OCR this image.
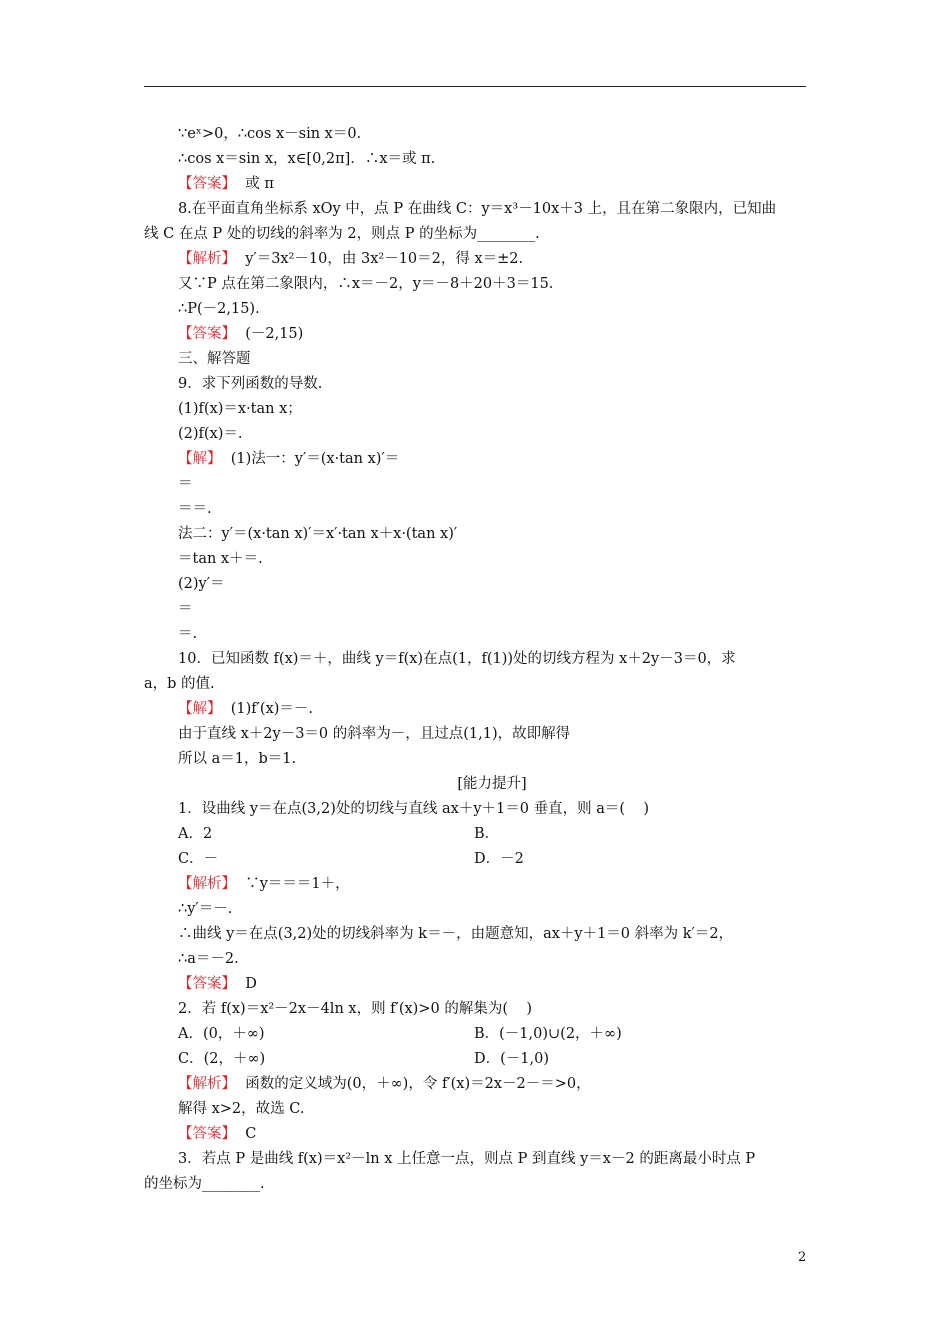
∵eˣ>0，∴cos x－sin x＝0.
∴cos x＝sin x，x∈[0,2π]．∴x＝或 π.
【答案】  或 π
8.在平面直角坐标系 xOy 中，点 P 在曲线 C：y＝x³－10x＋3 上，且在第二象限内，已知曲
线 C 在点 P 处的切线的斜率为 2，则点 P 的坐标为________.
【解析】  y′＝3x²－10，由 3x²－10＝2，得 x＝±2.
又∵P 点在第二象限内，∴x＝－2，y＝－8＋20＋3＝15.
∴P(－2,15).
【答案】  (－2,15)
三、解答题
9．求下列函数的导数.
(1)f(x)＝x·tan x；
(2)f(x)＝.
【解】  (1)法一：y′＝(x·tan x)′＝
＝
＝＝.
法二：y′＝(x·tan x)′＝x′·tan x＋x·(tan x)′
＝tan x＋＝.
(2)y′＝
＝
＝.
10．已知函数 f(x)＝＋，曲线 y＝f(x)在点(1，f(1))处的切线方程为 x＋2y－3＝0，求
a，b 的值.
【解】  (1)f′(x)＝－.
由于直线 x＋2y－3＝0 的斜率为－，且过点(1,1)，故即解得
所以 a＝1，b＝1.
[能力提升]
1．设曲线 y＝在点(3,2)处的切线与直线 ax＋y＋1＝0 垂直，则 a＝(    )
A．2	B．
C．－	D．－2
【解析】  ∵y＝＝＝1＋，
∴y′＝－.
∴曲线 y＝在点(3,2)处的切线斜率为 k＝－，由题意知，ax＋y＋1＝0 斜率为 k′＝2，
∴a＝－2.
【答案】  D
2．若 f(x)＝x²－2x－4ln x，则 f′(x)>0 的解集为(    )
A．(0，＋∞)	B．(－1,0)∪(2，＋∞)
C．(2，＋∞)	D．(－1,0)
【解析】  函数的定义域为(0，＋∞)，令 f′(x)＝2x－2－＝>0，
解得 x>2，故选 C.
【答案】  C
3．若点 P 是曲线 f(x)＝x²－ln x 上任意一点，则点 P 到直线 y＝x－2 的距离最小时点 P
的坐标为________.
2
